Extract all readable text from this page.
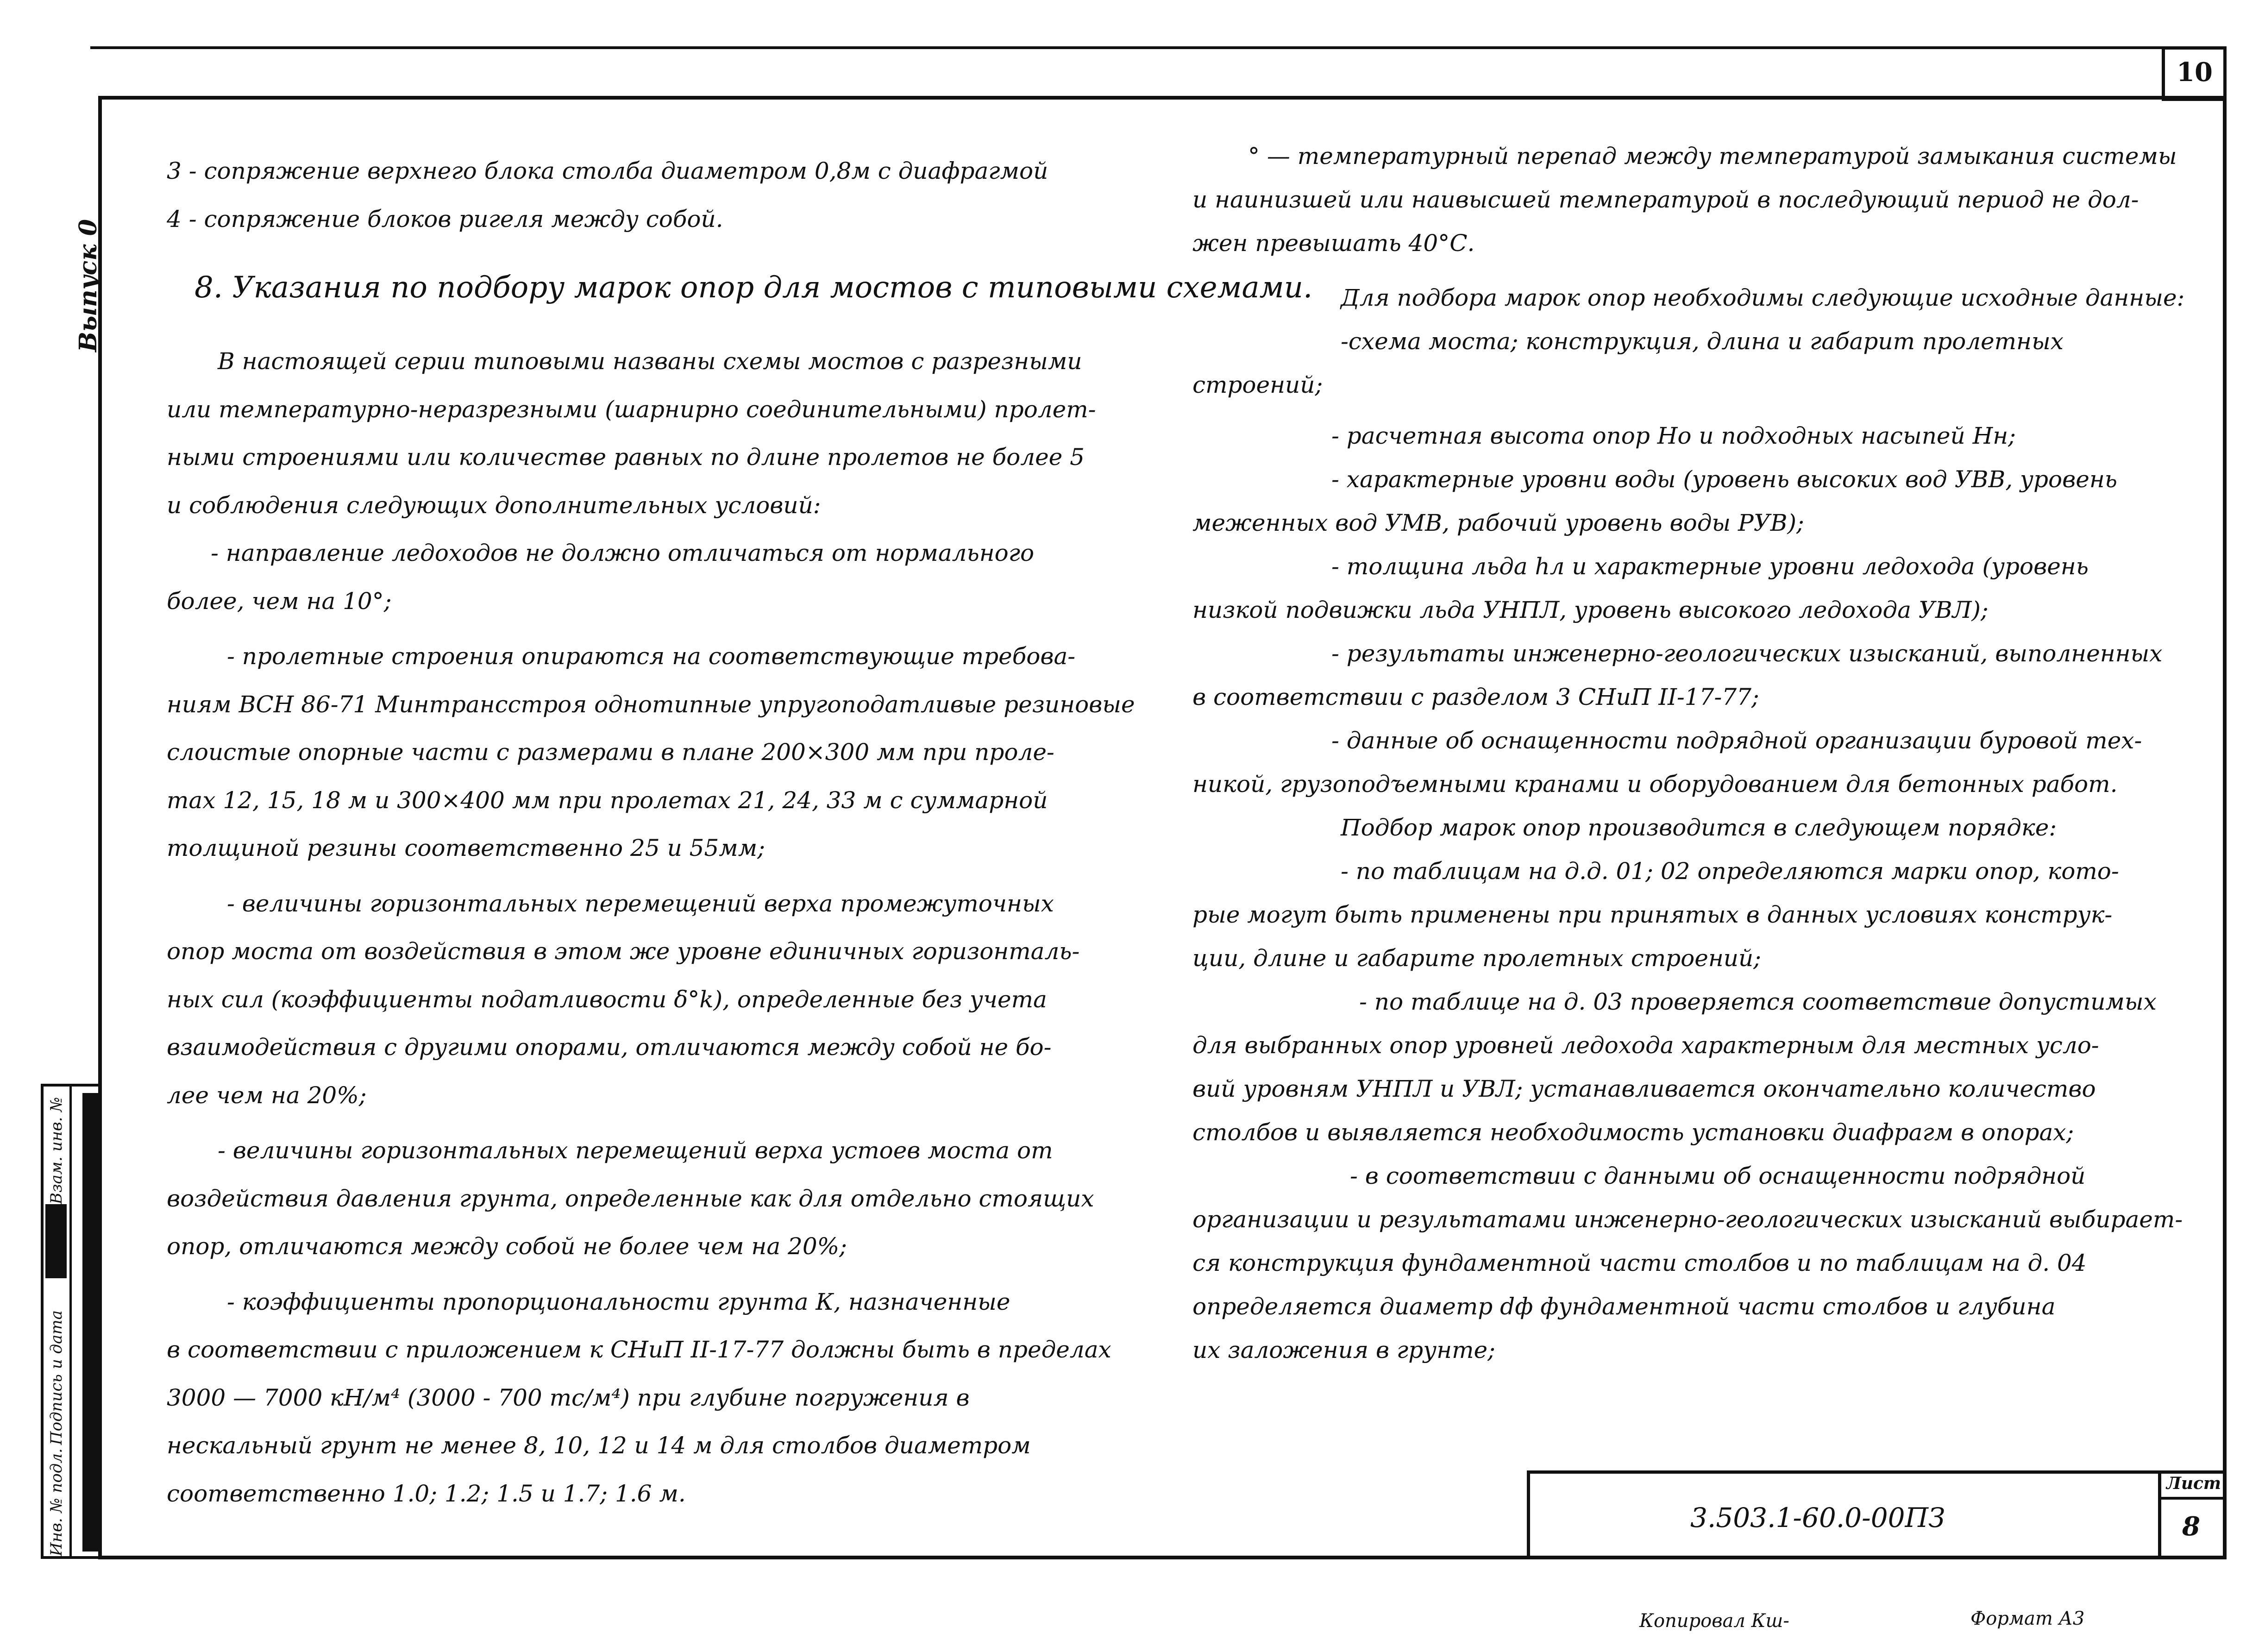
10
Выпуск 0
Инв. № подл.
Подпись и дата
Взам. инв. №

3 - сопряжение верхнего блока столба диаметром 0,8м с диафрагмой

4 - сопряжение блоков ригеля между собой.

8. Указания по подбору марок опор для мостов с типовыми схемами.

В настоящей серии типовыми названы схемы мостов с разрезными

или температурно-неразрезными (шарнирно соединительными) пролет-

ными строениями или количестве равных по длине пролетов не более 5

и соблюдения следующих дополнительных условий:

- направление ледоходов не должно отличаться от нормального

более, чем на 10°;

- пролетные строения опираются на соответствующие требова-

ниям ВСН 86-71 Минтрансстроя однотипные упругоподатливые резиновые

слоистые опорные части с размерами в плане 200×300 мм при проле-

тах 12, 15, 18 м и 300×400 мм при пролетах 21, 24, 33 м с суммарной

толщиной резины соответственно 25 и 55мм;

- величины горизонтальных перемещений верха промежуточных

опор моста от воздействия в этом же уровне единичных горизонталь-

ных сил (коэффициенты податливости δ°k), определенные без учета

взаимодействия с другими опорами, отличаются между собой не бо-

лее чем на 20%;

- величины горизонтальных перемещений верха устоев моста от

воздействия давления грунта, определенные как для отдельно стоящих

опор, отличаются между собой не более чем на 20%;

- коэффициенты пропорциональности грунта К, назначенные

в соответствии с приложением к СНиП II-17-77 должны быть в пределах

3000 — 7000 кН/м⁴ (3000 - 700 тс/м⁴) при глубине погружения в

нескальный грунт не менее 8, 10, 12 и 14 м для столбов диаметром

соответственно 1.0; 1.2; 1.5 и 1.7; 1.6 м.

° — температурный перепад между температурой замыкания системы

и наинизшей или наивысшей температурой в последующий период не дол-

жен превышать 40°С.

Для подбора марок опор необходимы следующие исходные данные:

-схема моста; конструкция, длина и габарит пролетных

строений;

- расчетная высота опор Hо и подходных насыпей Hн;

- характерные уровни воды (уровень высоких вод УВВ, уровень

меженных вод УМВ, рабочий уровень воды РУВ);

- толщина льда hл и характерные уровни ледохода (уровень

низкой подвижки льда УНПЛ, уровень высокого ледохода УВЛ);

- результаты инженерно-геологических изысканий, выполненных

в соответствии с разделом 3 СНиП II-17-77;

- данные об оснащенности подрядной организации буровой тех-

никой, грузоподъемными кранами и оборудованием для бетонных работ.

Подбор марок опор производится в следующем порядке:

- по таблицам на д.д. 01; 02 определяются марки опор, кото-

рые могут быть применены при принятых в данных условиях конструк-

ции, длине и габарите пролетных строений;

- по таблице на д. 03 проверяется соответствие допустимых

для выбранных опор уровней ледохода характерным для местных усло-

вий уровням УНПЛ и УВЛ; устанавливается окончательно количество

столбов и выявляется необходимость установки диафрагм в опорах;

- в соответствии с данными об оснащенности подрядной

организации и результатами инженерно-геологических изысканий выбирает-

ся конструкция фундаментной части столбов и по таблицам на д. 04

определяется диаметр dф фундаментной части столбов и глубина

их заложения в грунте;

3.503.1-60.0-00ПЗ
Лист
8
Копировал Кш-	Формат А3
